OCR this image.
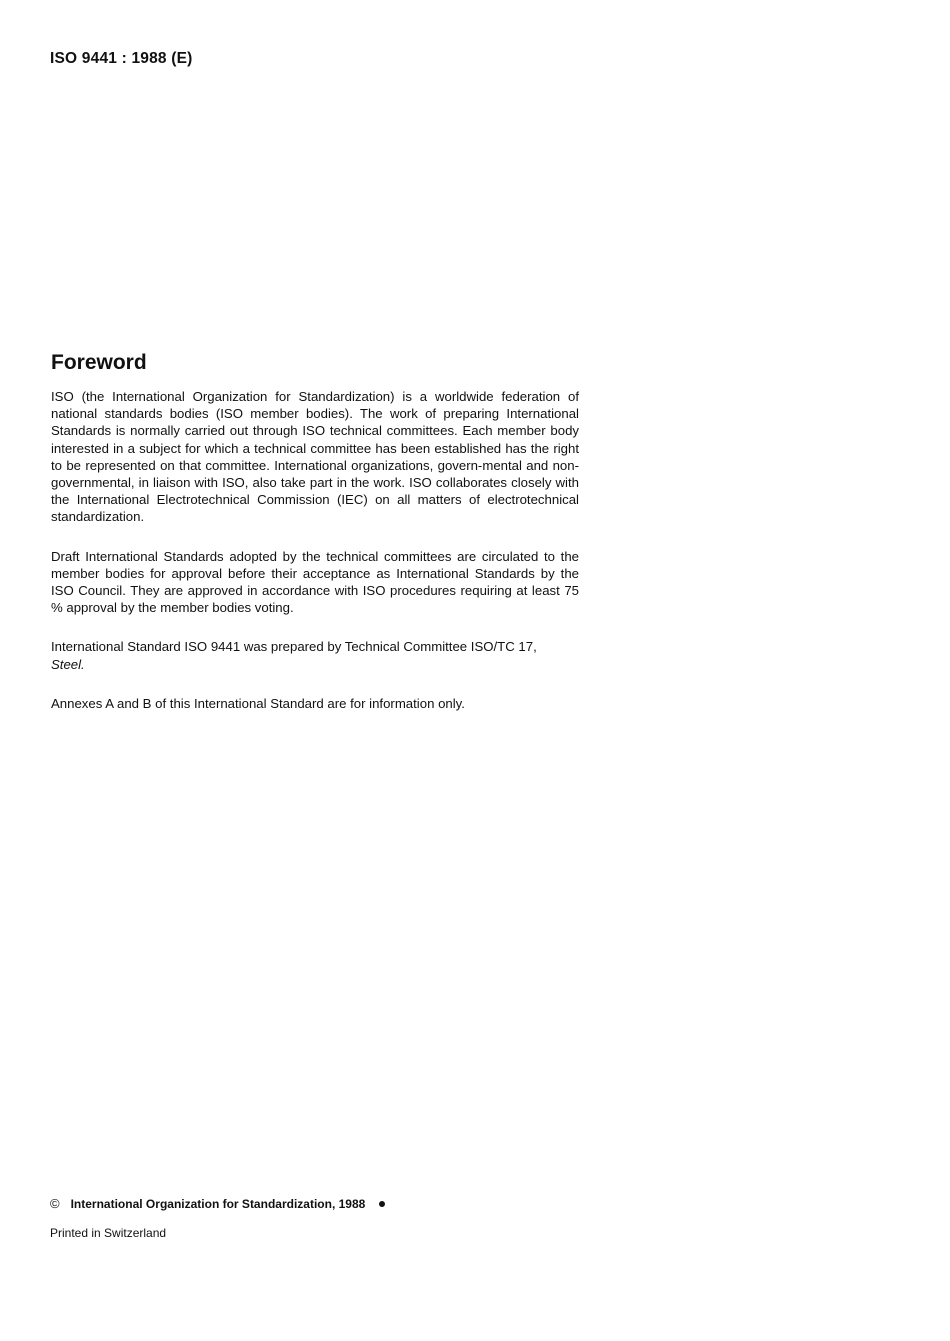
ISO 9441 : 1988 (E)
Foreword

ISO (the International Organization for Standardization) is a worldwide federation of national standards bodies (ISO member bodies). The work of preparing International Standards is normally carried out through ISO technical committees. Each member body interested in a subject for which a technical committee has been established has the right to be represented on that committee. International organizations, govern-mental and non-governmental, in liaison with ISO, also take part in the work. ISO collaborates closely with the International Electrotechnical Commission (IEC) on all matters of electrotechnical standardization.

Draft International Standards adopted by the technical committees are circulated to the member bodies for approval before their acceptance as International Standards by the ISO Council. They are approved in accordance with ISO procedures requiring at least 75 % approval by the member bodies voting.

International Standard ISO 9441 was prepared by Technical Committee ISO/TC 17,
Steel.

Annexes A and B of this International Standard are for information only.

© International Organization for Standardization, 1988
Printed in Switzerland
